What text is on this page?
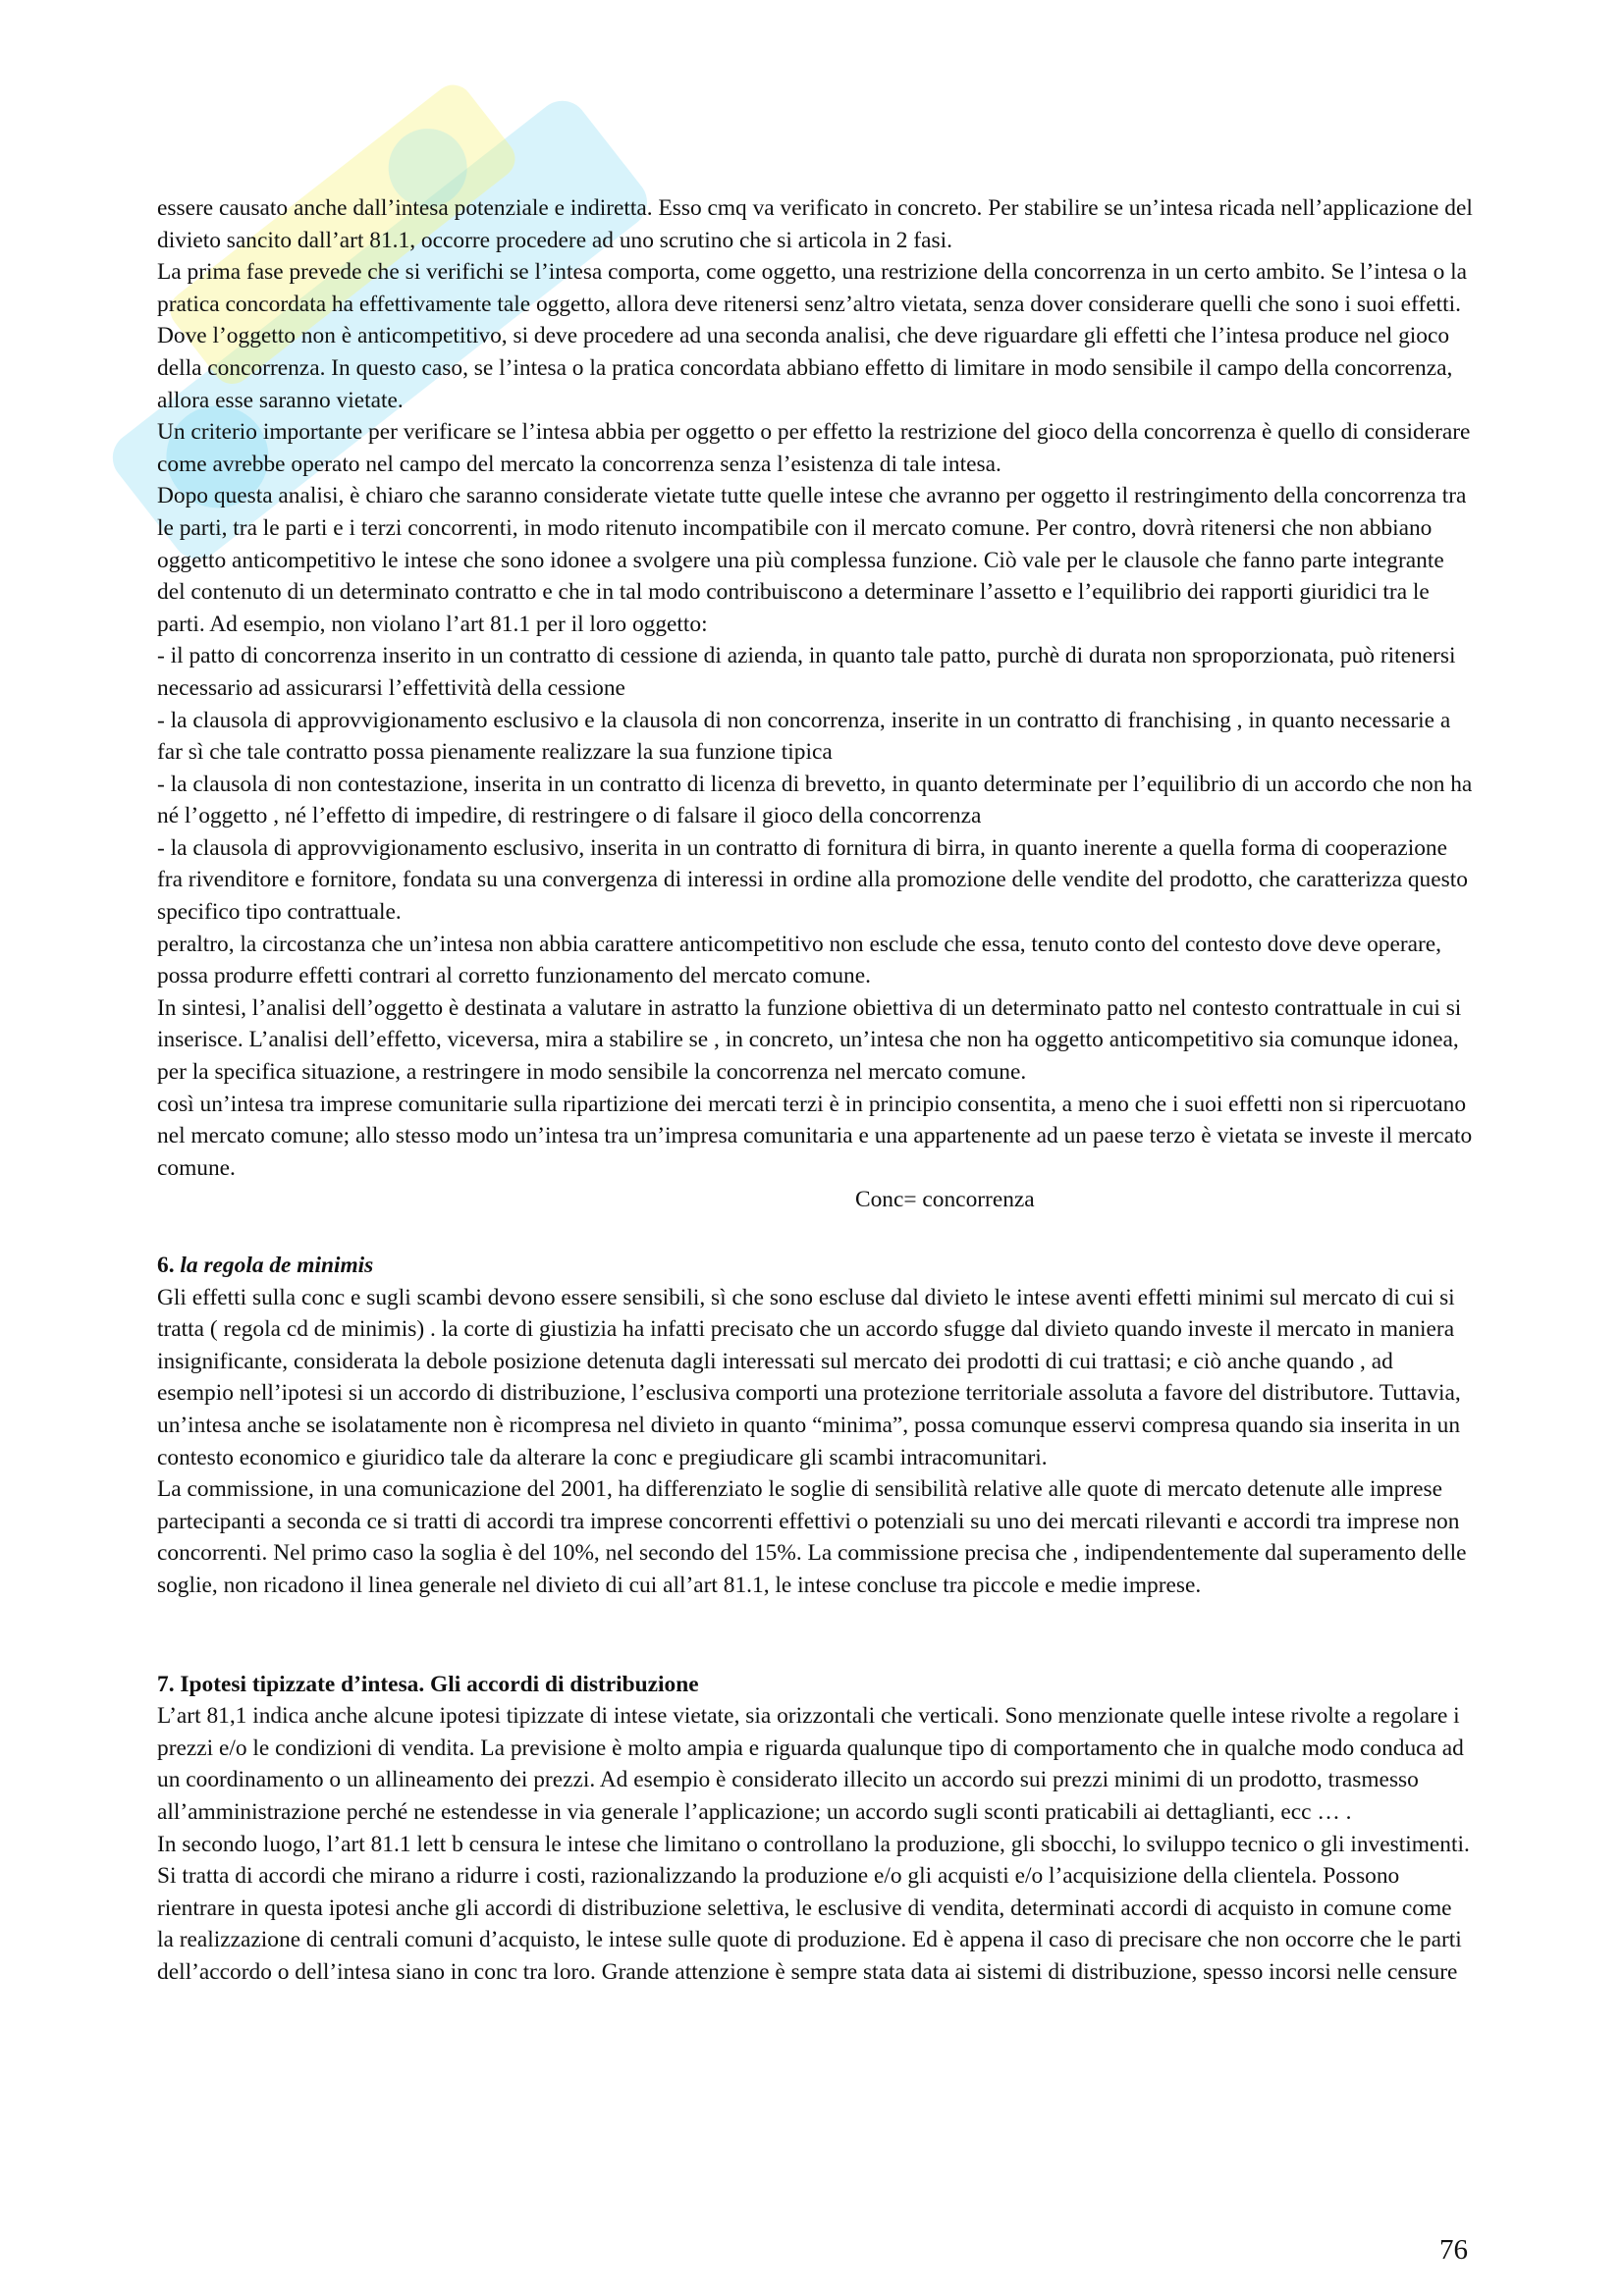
essere causato anche dall’intesa potenziale e indiretta. Esso cmq va verificato in concreto. Per stabilire se un’intesa ricada nell’applicazione del divieto sancito dall’art 81.1, occorre procedere ad uno scrutino che si articola in 2 fasi.

La prima fase prevede che si verifichi se l’intesa comporta, come oggetto, una restrizione della concorrenza in un certo ambito. Se l’intesa o la pratica concordata ha effettivamente tale oggetto, allora deve ritenersi senz’altro vietata, senza dover considerare quelli che sono i suoi effetti. Dove l’oggetto non è anticompetitivo, si deve procedere ad una seconda analisi, che deve riguardare gli effetti che l’intesa produce nel gioco della concorrenza. In questo caso, se l’intesa o la pratica concordata abbiano effetto di limitare in modo sensibile il campo della concorrenza, allora esse saranno vietate.

Un criterio importante per verificare se l’intesa abbia per oggetto o per effetto la restrizione del gioco della concorrenza è quello di considerare come avrebbe operato nel campo del mercato la concorrenza senza l’esistenza di tale intesa.

Dopo questa analisi, è chiaro che saranno considerate vietate tutte quelle intese che avranno per oggetto il restringimento della concorrenza tra le parti, tra le parti e i terzi concorrenti, in modo ritenuto incompatibile con il mercato comune. Per contro, dovrà ritenersi che non abbiano oggetto anticompetitivo le intese che sono idonee a svolgere una più complessa funzione. Ciò vale per le clausole che fanno parte integrante del contenuto di un determinato contratto e che in tal modo contribuiscono a determinare l’assetto e l’equilibrio dei rapporti giuridici tra le parti. Ad esempio, non violano l’art 81.1 per il loro oggetto:

- il patto di concorrenza inserito in un contratto di cessione di azienda, in quanto tale patto, purchè di durata non sproporzionata, può ritenersi necessario ad assicurarsi l’effettività della cessione

- la clausola di approvvigionamento esclusivo e la clausola di non concorrenza, inserite in un contratto di franchising , in quanto necessarie a far sì che tale contratto possa pienamente realizzare la sua funzione tipica

- la clausola di non contestazione, inserita in un contratto di licenza di brevetto, in quanto determinate per l’equilibrio di un accordo che non ha né l’oggetto , né l’effetto di impedire, di restringere o di falsare il gioco della concorrenza

- la clausola di approvvigionamento esclusivo, inserita in un contratto di fornitura di birra, in quanto inerente a quella forma di cooperazione fra rivenditore e fornitore, fondata su una convergenza di interessi in ordine alla promozione delle vendite del prodotto, che caratterizza questo specifico tipo contrattuale.

peraltro, la circostanza che un’intesa non abbia carattere anticompetitivo non esclude che essa, tenuto conto del contesto dove deve operare, possa produrre effetti contrari al corretto funzionamento del mercato comune.

In sintesi, l’analisi dell’oggetto è destinata a valutare in astratto la funzione obiettiva di un determinato patto nel contesto contrattuale in cui si inserisce. L’analisi dell’effetto, viceversa, mira a stabilire se , in concreto, un’intesa che non ha oggetto anticompetitivo sia comunque idonea, per la specifica situazione, a restringere in modo sensibile la concorrenza nel mercato comune.

così un’intesa tra imprese comunitarie sulla ripartizione dei mercati terzi è in principio consentita, a meno che i suoi effetti non si ripercuotano nel mercato comune; allo stesso modo un’intesa tra un’impresa comunitaria e una appartenente ad un paese terzo è vietata se investe il mercato comune.

Conc= concorrenza

6. la regola de minimis

Gli effetti sulla conc e sugli scambi devono essere sensibili, sì che sono escluse dal divieto le intese aventi effetti minimi sul mercato di cui si tratta ( regola cd de minimis) . la corte di giustizia ha infatti precisato che un accordo sfugge dal divieto quando investe il mercato in maniera insignificante, considerata la debole posizione detenuta dagli interessati sul mercato dei prodotti di cui trattasi; e ciò anche quando , ad esempio nell’ipotesi si un accordo di distribuzione, l’esclusiva comporti una protezione territoriale assoluta a favore del distributore. Tuttavia, un’intesa anche se isolatamente non è ricompresa nel divieto in quanto “minima”, possa comunque esservi compresa quando sia inserita in un contesto economico e giuridico tale da alterare la conc e pregiudicare gli scambi intracomunitari.

La commissione, in una comunicazione del 2001, ha differenziato le soglie di sensibilità relative alle quote di mercato detenute alle imprese partecipanti a seconda ce si tratti di accordi tra imprese concorrenti effettivi o potenziali su uno dei mercati rilevanti e accordi tra imprese non concorrenti. Nel primo caso la soglia è del 10%, nel secondo del 15%. La commissione precisa che , indipendentemente dal superamento delle soglie, non ricadono il linea generale nel divieto di cui all’art 81.1, le intese concluse tra piccole e medie imprese.

7. Ipotesi tipizzate d’intesa. Gli accordi di distribuzione

L’art 81,1 indica anche alcune ipotesi tipizzate di intese vietate, sia orizzontali che verticali. Sono menzionate quelle intese rivolte a regolare i prezzi e/o le condizioni di vendita. La previsione è molto ampia e riguarda qualunque tipo di comportamento che in qualche modo conduca ad un coordinamento o un allineamento dei prezzi. Ad esempio è considerato illecito un accordo sui prezzi minimi di un prodotto, trasmesso all’amministrazione perché ne estendesse in via generale l’applicazione; un accordo sugli sconti praticabili ai dettaglianti, ecc … .

In secondo luogo, l’art 81.1 lett b censura le intese che limitano o controllano la produzione, gli sbocchi, lo sviluppo tecnico o gli investimenti. Si tratta di accordi che mirano a ridurre i costi, razionalizzando la produzione e/o gli acquisti e/o l’acquisizione della clientela. Possono rientrare in questa ipotesi anche gli accordi di distribuzione selettiva, le esclusive di vendita, determinati accordi di acquisto in comune come la realizzazione di centrali comuni d’acquisto, le intese sulle quote di produzione. Ed è appena il caso di precisare che non occorre che le parti dell’accordo o dell’intesa siano in conc tra loro. Grande attenzione è sempre stata data ai sistemi di distribuzione, spesso incorsi nelle censure

76
